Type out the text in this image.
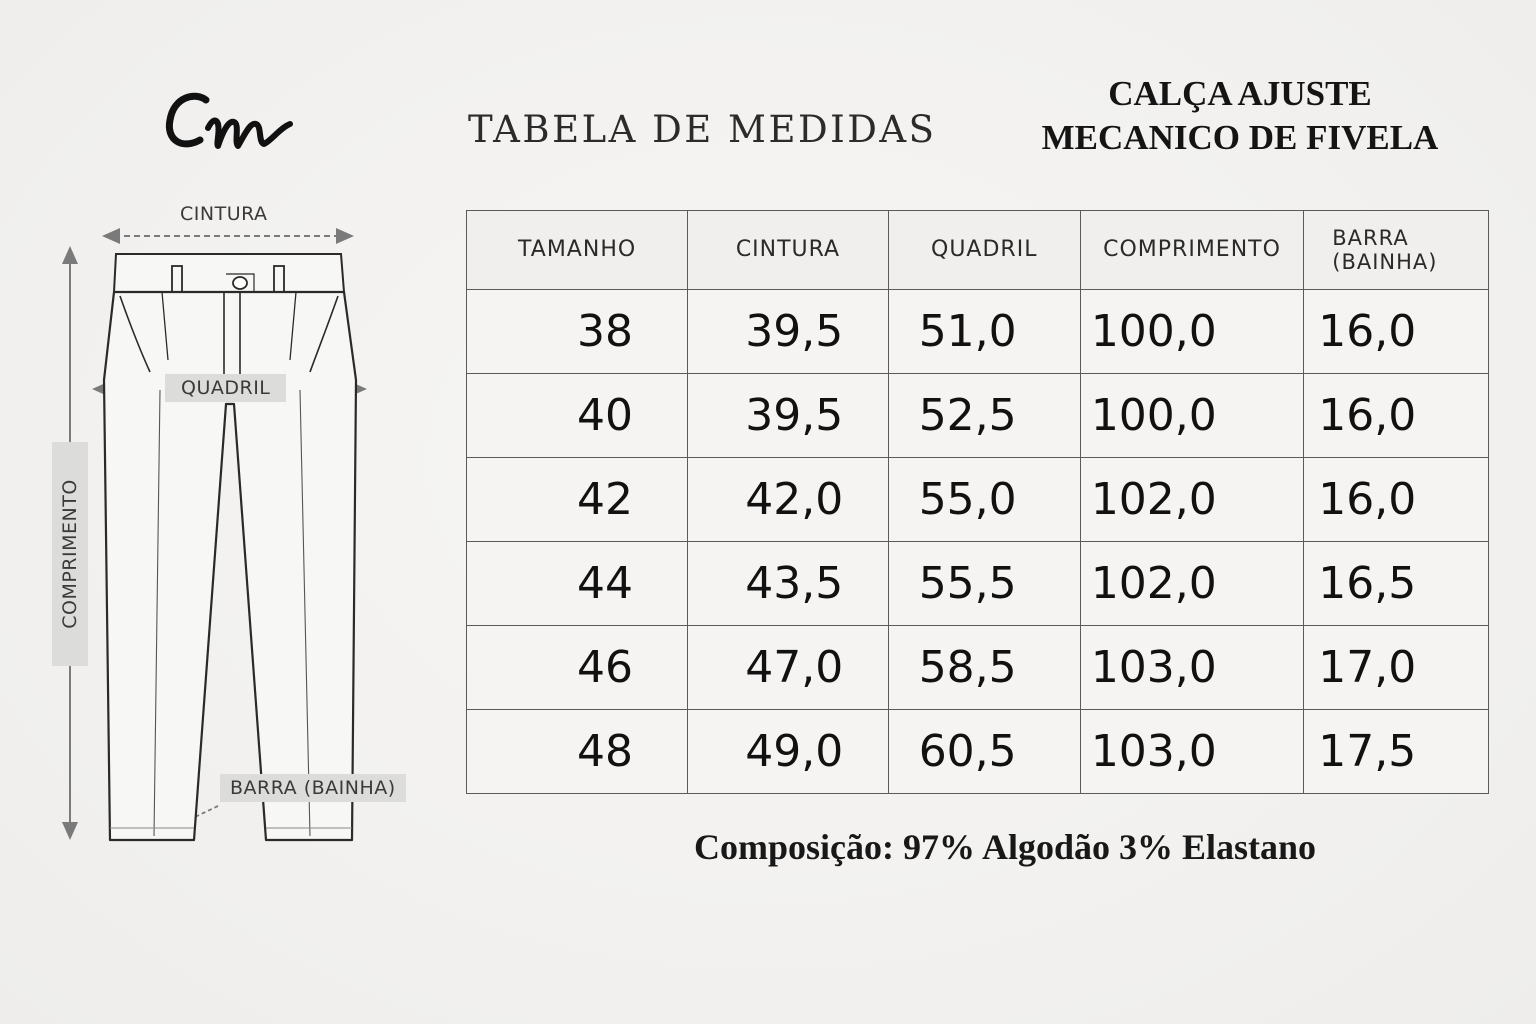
TABELA DE MEDIDAS
CALÇA AJUSTE
MECANICO DE FIVELA
CINTURA
QUADRIL
COMPRIMENTO
BARRA (BAINHA)
TAMANHO	CINTURA	QUADRIL	COMPRIMENTO	BARRA
(BAINHA)

38	39,5	51,0	100,0	16,0
40	39,5	52,5	100,0	16,0
42	42,0	55,0	102,0	16,0
44	43,5	55,5	102,0	16,5
46	47,0	58,5	103,0	17,0
48	49,0	60,5	103,0	17,5
Composição: 97% Algodão 3% Elastano
